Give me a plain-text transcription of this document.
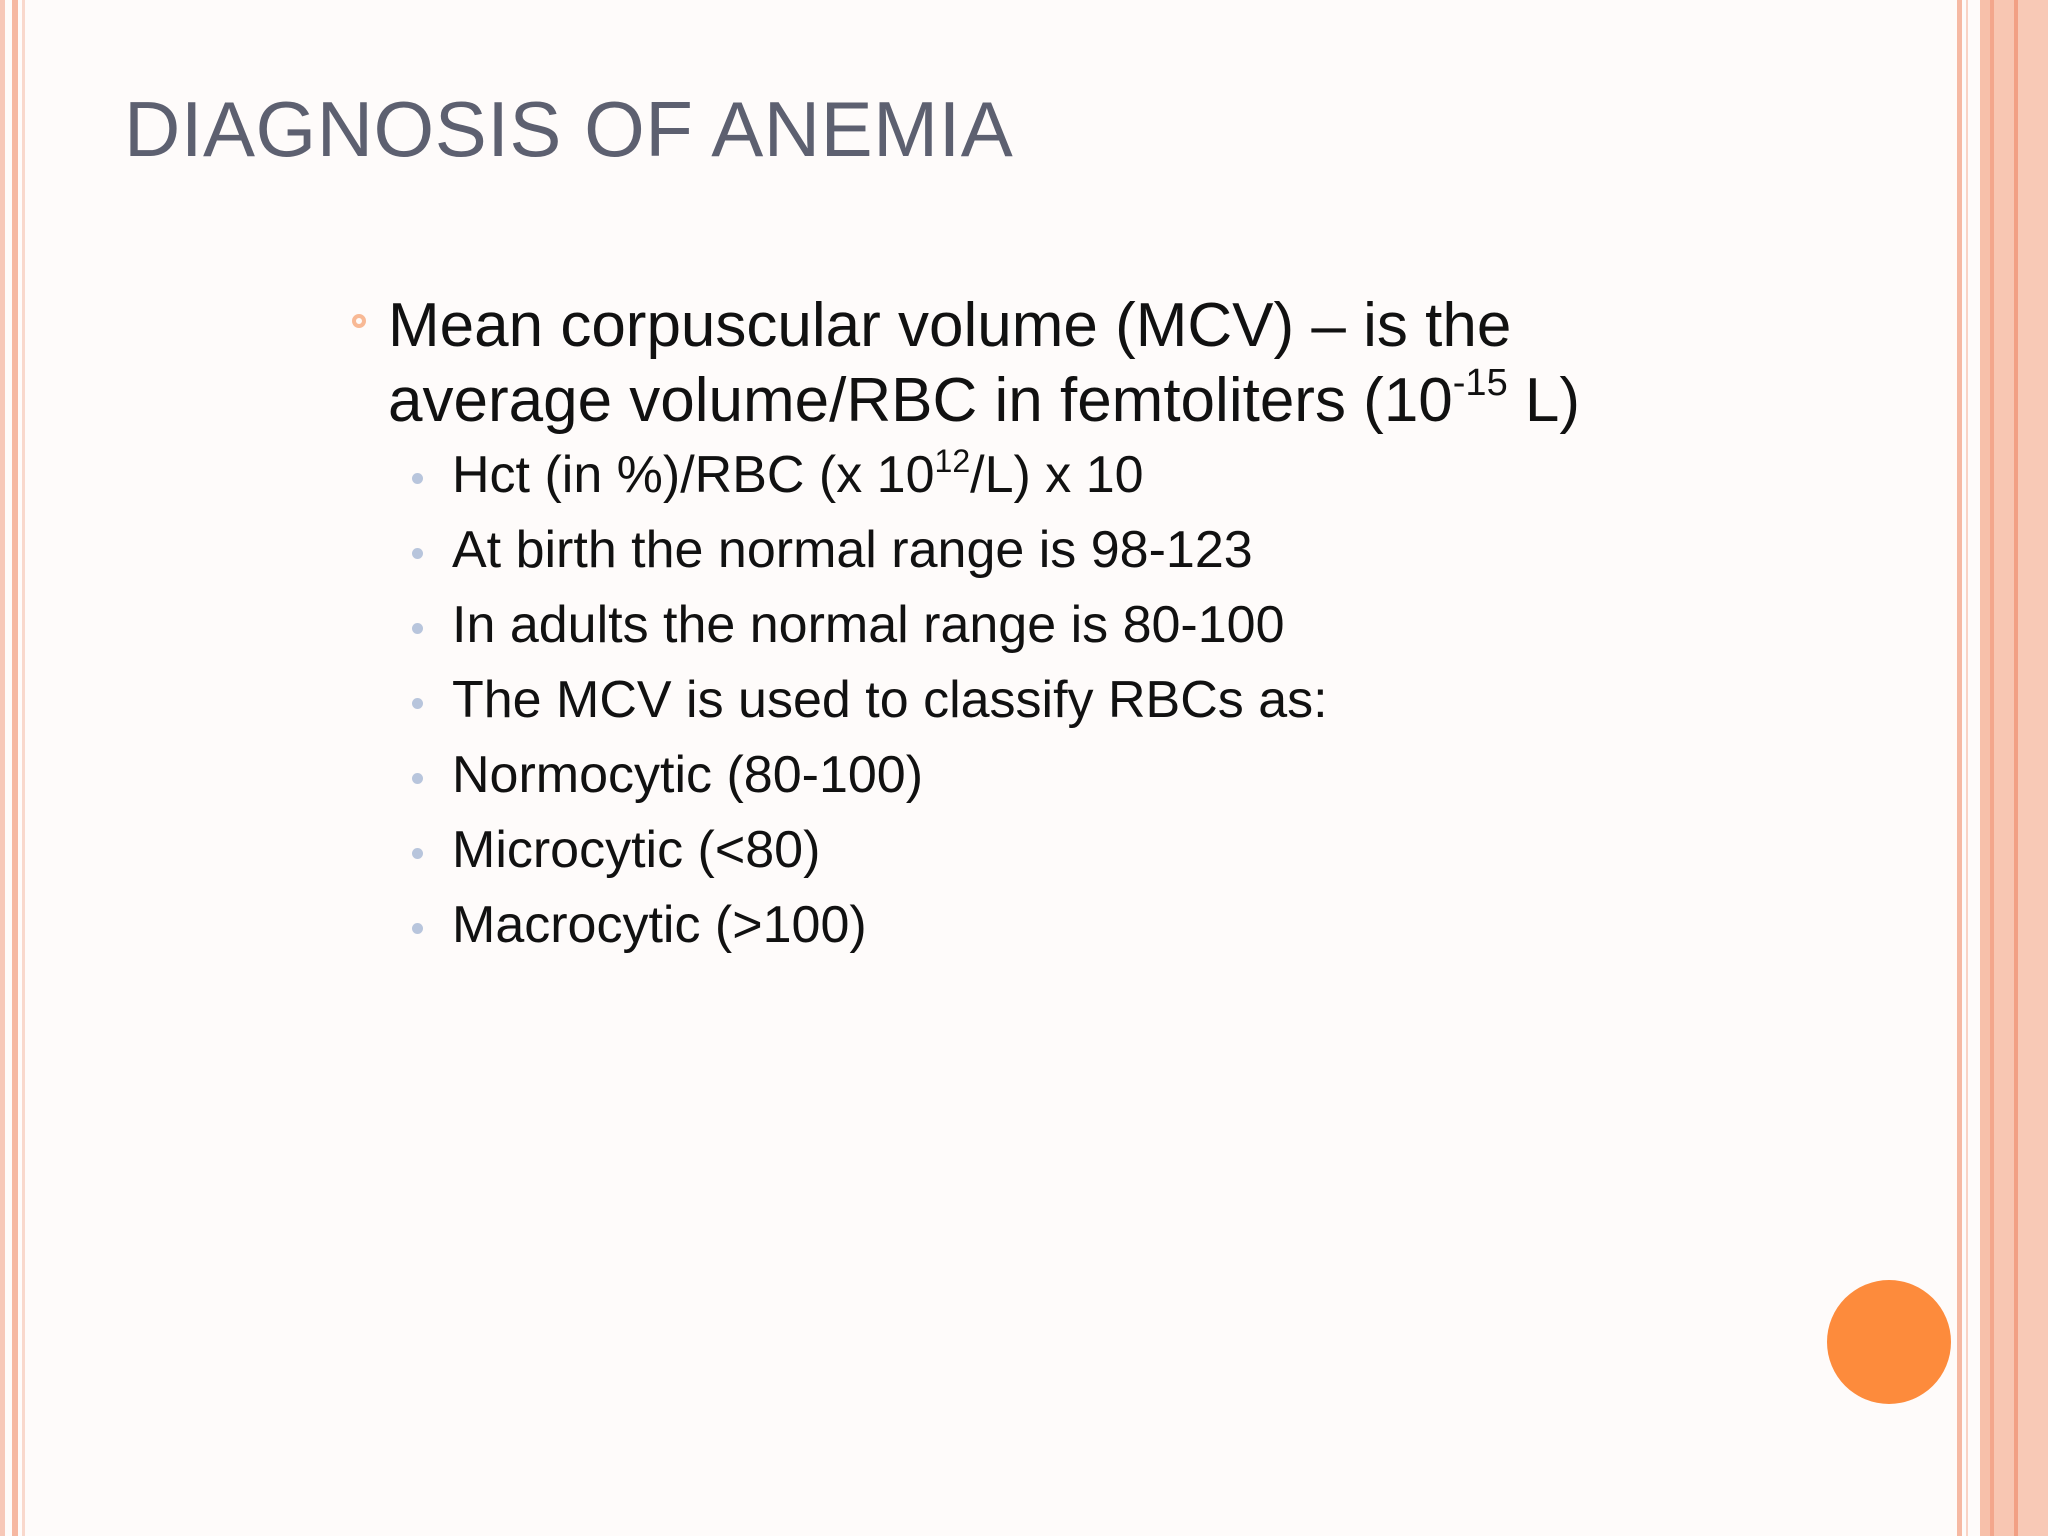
DIAGNOSIS OF ANEMIA
Mean corpuscular volume (MCV) – is the
average volume/RBC in femtoliters ($10^{-15}$ L)
Hct (in %)/RBC (x $10^{12}/L$) x 10
At birth the normal range is 98-123
In adults the normal range is 80-100
The MCV is used to classify RBCs as:
Normocytic (80-100)
Microcytic (<80)
Macrocytic (>100)
